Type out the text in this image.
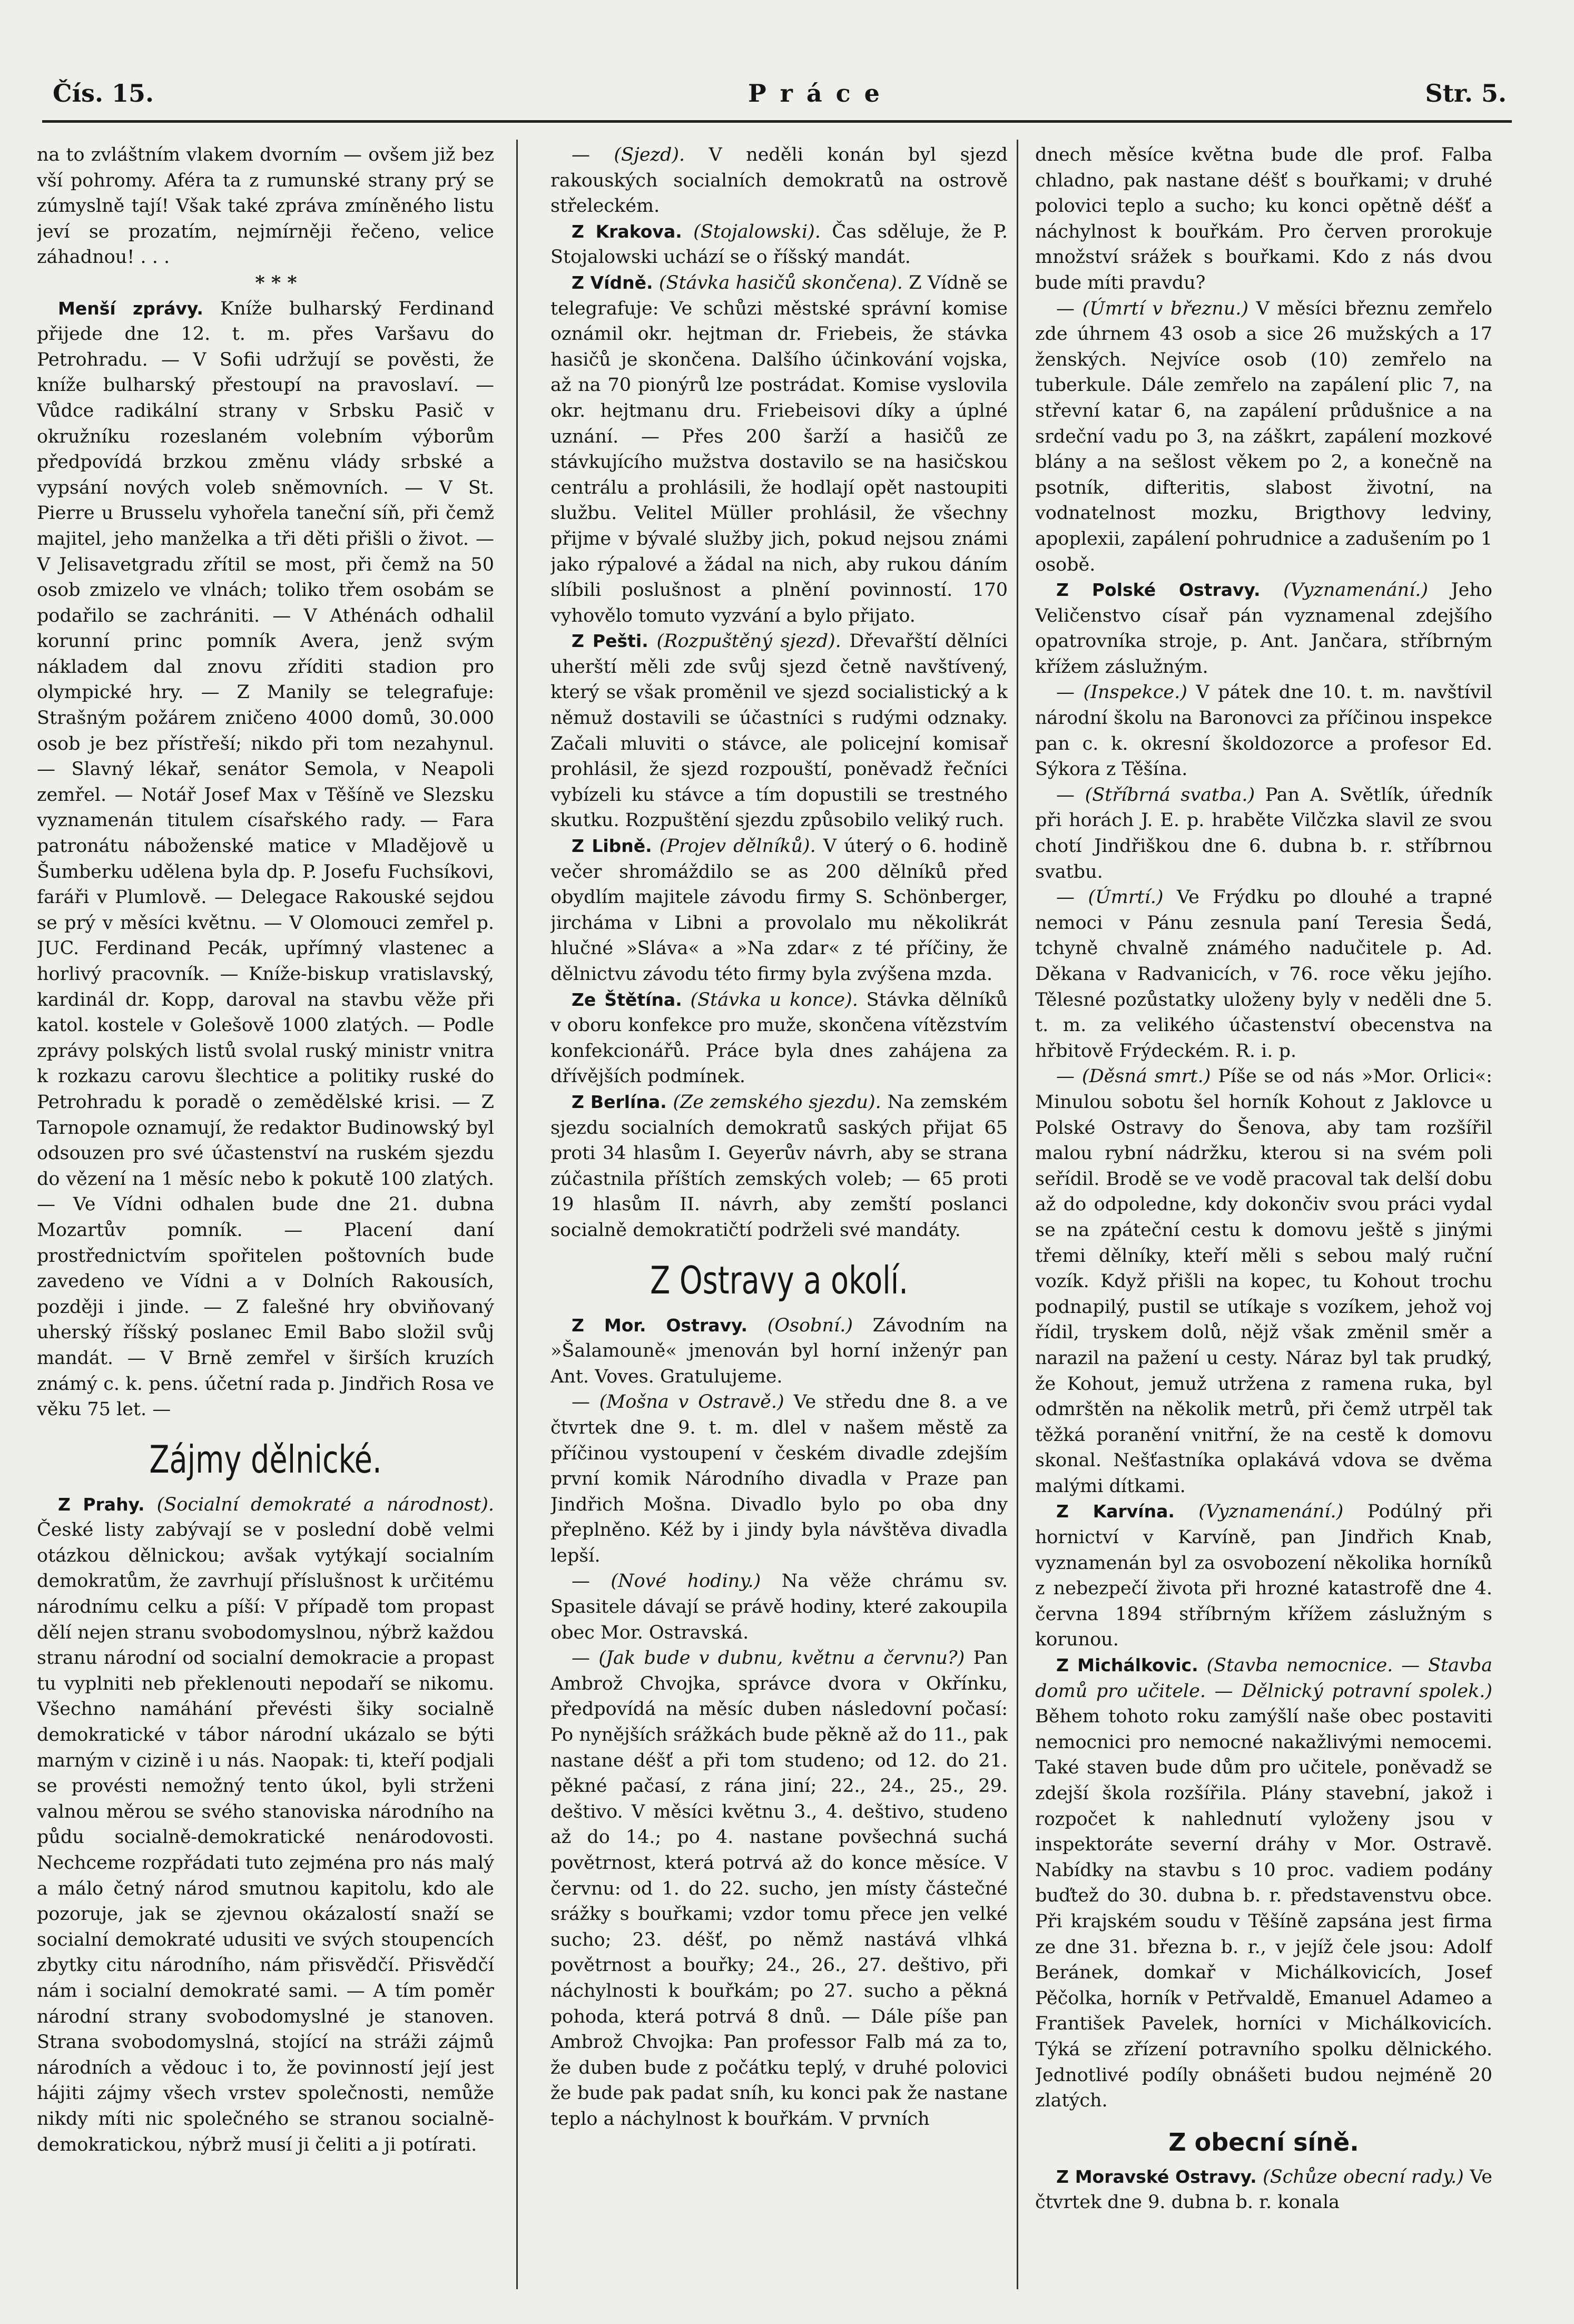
Čís. 15.	Práce	Str. 5.

na to zvláštním vlakem dvorním — ovšem již bez vší pohromy. Aféra ta z rumunské strany prý se zúmyslně tají! Však také zpráva zmíněného listu jeví se prozatím, nejmírněji řečeno, velice záhadnou! . . .

* * *

Menší zprávy. Kníže bulharský Ferdinand přijede dne 12. t. m. přes Varšavu do Petrohradu. — V Sofii udržují se pověsti, že kníže bulharský přestoupí na pravoslaví. — Vůdce radikální strany v Srbsku Pasič v okružníku rozeslaném volebním výborům předpovídá brzkou změnu vlády srbské a vypsání nových voleb sněmovních. — V St. Pierre u Brusselu vyhořela taneční síň, při čemž majitel, jeho manželka a tři děti přišli o život. — V Jelisavetgradu zřítil se most, při čemž na 50 osob zmizelo ve vlnách; toliko třem osobám se podařilo se zachrániti. — V Athénách odhalil korunní princ pomník Avera, jenž svým nákladem dal znovu zříditi stadion pro olympické hry. — Z Manily se telegrafuje: Strašným požárem zničeno 4000 domů, 30.000 osob je bez přístřeší; nikdo při tom nezahynul. — Slavný lékař, senátor Semola, v Neapoli zemřel. — Notář Josef Max v Těšíně ve Slezsku vyznamenán titulem císařského rady. — Fara patronátu náboženské matice v Mladějově u Šumberku udělena byla dp. P. Josefu Fuchsíkovi, faráři v Plumlově. — Delegace Rakouské sejdou se prý v měsíci květnu. — V Olomouci zemřel p. JUC. Ferdinand Pecák, upřímný vlastenec a horlivý pracovník. — Kníže-biskup vratislavský, kardinál dr. Kopp, daroval na stavbu věže při katol. kostele v Golešově 1000 zlatých. — Podle zprávy polských listů svolal ruský ministr vnitra k rozkazu carovu šlechtice a politiky ruské do Petrohradu k poradě o zemědělské krisi. — Z Tarnopole oznamují, že redaktor Budinowský byl odsouzen pro své účastenství na ruském sjezdu do vězení na 1 měsíc nebo k pokutě 100 zlatých. — Ve Vídni odhalen bude dne 21. dubna Mozartův pomník. — Placení daní prostřednictvím spořitelen poštovních bude zavedeno ve Vídni a v Dolních Rakousích, později i jinde. — Z falešné hry obviňovaný uherský říšský poslanec Emil Babo složil svůj mandát. — V Brně zemřel v širších kruzích známý c. k. pens. účetní rada p. Jindřich Rosa ve věku 75 let. —

Zájmy dělnické.

Z Prahy. (Socialní demokraté a národnost). České listy zabývají se v poslední době velmi otázkou dělnickou; avšak vytýkají socialním demokratům, že zavrhují příslušnost k určitému národnímu celku a píší: V případě tom propast dělí nejen stranu svobodomyslnou, nýbrž každou stranu národní od socialní demokracie a propast tu vyplniti neb překlenouti nepodaří se nikomu. Všechno namáhání převésti šiky socialně demokratické v tábor národní ukázalo se býti marným v cizině i u nás. Naopak: ti, kteří podjali se provésti nemožný tento úkol, byli strženi valnou měrou se svého stanoviska národního na půdu socialně-demokratické nenárodovosti. Nechceme rozpřádati tuto zejména pro nás malý a málo četný národ smutnou kapitolu, kdo ale pozoruje, jak se zjevnou okázalostí snaží se socialní demokraté udusiti ve svých stoupencích zbytky citu národního, nám přisvědčí. Přisvědčí nám i socialní demokraté sami. — A tím poměr národní strany svobodomyslné je stanoven. Strana svobodomyslná, stojící na stráži zájmů národních a vědouc i to, že povinností její jest hájiti zájmy všech vrstev společnosti, nemůže nikdy míti nic společného se stranou socialně-demokratickou, nýbrž musí ji čeliti a ji potírati.

— (Sjezd). V neděli konán byl sjezd rakouských socialních demokratů na ostrově střeleckém.

Z Krakova. (Stojalowski). Čas sděluje, že P. Stojalowski uchází se o říšský mandát.

Z Vídně. (Stávka hasičů skončena). Z Vídně se telegrafuje: Ve schůzi městské správní komise oznámil okr. hejtman dr. Friebeis, že stávka hasičů je skončena. Dalšího účinkování vojska, až na 70 pionýrů lze postrádat. Komise vyslovila okr. hejtmanu dru. Friebeisovi díky a úplné uznání. — Přes 200 šarží a hasičů ze stávkujícího mužstva dostavilo se na hasičskou centrálu a prohlásili, že hodlají opět nastoupiti službu. Velitel Müller prohlásil, že všechny přijme v bývalé služby jich, pokud nejsou známi jako rýpalové a žádal na nich, aby rukou dáním slíbili poslušnost a plnění povinností. 170 vyhovělo tomuto vyzvání a bylo přijato.

Z Pešti. (Rozpuštěný sjezd). Dřevařští dělníci uherští měli zde svůj sjezd četně navštívený, který se však proměnil ve sjezd socialistický a k němuž dostavili se účastníci s rudými odznaky. Začali mluviti o stávce, ale policejní komisař prohlásil, že sjezd rozpouští, poněvadž řečníci vybízeli ku stávce a tím dopustili se trestného skutku. Rozpuštění sjezdu způsobilo veliký ruch.

Z Libně. (Projev dělníků). V úterý o 6. hodině večer shromáždilo se as 200 dělníků před obydlím majitele závodu firmy S. Schönberger, jircháma v Libni a provolalo mu několikrát hlučné »Sláva« a »Na zdar« z té příčiny, že dělnictvu závodu této firmy byla zvýšena mzda.

Ze Štětína. (Stávka u konce). Stávka dělníků v oboru konfekce pro muže, skončena vítězstvím konfekcionářů. Práce byla dnes zahájena za dřívějších podmínek.

Z Berlína. (Ze zemského sjezdu). Na zemském sjezdu socialních demokratů saských přijat 65 proti 34 hlasům I. Geyerův návrh, aby se strana zúčastnila příštích zemských voleb; — 65 proti 19 hlasům II. návrh, aby zemští poslanci socialně demokratičtí podrželi své mandáty.

Z Ostravy a okolí.

Z Mor. Ostravy. (Osobní.) Závodním na »Šalamouně« jmenován byl horní inženýr pan Ant. Voves. Gratulujeme.

— (Mošna v Ostravě.) Ve středu dne 8. a ve čtvrtek dne 9. t. m. dlel v našem městě za příčinou vystoupení v českém divadle zdejším první komik Národního divadla v Praze pan Jindřich Mošna. Divadlo bylo po oba dny přeplněno. Kéž by i jindy byla návštěva divadla lepší.

— (Nové hodiny.) Na věže chrámu sv. Spasitele dávají se právě hodiny, které zakoupila obec Mor. Ostravská.

— (Jak bude v dubnu, květnu a červnu?) Pan Ambrož Chvojka, správce dvora v Okřínku, předpovídá na měsíc duben následovní počasí: Po nynějších srážkách bude pěkně až do 11., pak nastane déšť a při tom studeno; od 12. do 21. pěkné pačasí, z rána jiní; 22., 24., 25., 29. deštivo. V měsíci květnu 3., 4. deštivo, studeno až do 14.; po 4. nastane povšechná suchá povětrnost, která potrvá až do konce měsíce. V červnu: od 1. do 22. sucho, jen místy částečné srážky s bouřkami; vzdor tomu přece jen velké sucho; 23. déšť, po němž nastává vlhká povětrnost a bouřky; 24., 26., 27. deštivo, při náchylnosti k bouřkám; po 27. sucho a pěkná pohoda, která potrvá 8 dnů. — Dále píše pan Ambrož Chvojka: Pan professor Falb má za to, že duben bude z počátku teplý, v druhé polovici že bude pak padat sníh, ku konci pak že nastane teplo a náchylnost k bouřkám. V prvních

dnech měsíce května bude dle prof. Falba chladno, pak nastane déšť s bouřkami; v druhé polovici teplo a sucho; ku konci opětně déšť a náchylnost k bouřkám. Pro červen prorokuje množství srážek s bouřkami. Kdo z nás dvou bude míti pravdu?

— (Úmrtí v březnu.) V měsíci březnu zemřelo zde úhrnem 43 osob a sice 26 mužských a 17 ženských. Nejvíce osob (10) zemřelo na tuberkule. Dále zemřelo na zapálení plic 7, na střevní katar 6, na zapálení průdušnice a na srdeční vadu po 3, na záškrt, zapálení mozkové blány a na sešlost věkem po 2, a konečně na psotník, difteritis, slabost životní, na vodnatelnost mozku, Brigthovy ledviny, apoplexii, zapálení pohrudnice a zadušením po 1 osobě.

Z Polské Ostravy. (Vyznamenání.) Jeho Veličenstvo císař pán vyznamenal zdejšího opatrovníka stroje, p. Ant. Jančara, stříbrným křížem záslužným.

— (Inspekce.) V pátek dne 10. t. m. navštívil národní školu na Baronovci za příčinou inspekce pan c. k. okresní školdozorce a profesor Ed. Sýkora z Těšína.

— (Stříbrná svatba.) Pan A. Světlík, úředník při horách J. E. p. hraběte Vilčzka slavil ze svou chotí Jindřiškou dne 6. dubna b. r. stříbrnou svatbu.

— (Úmrtí.) Ve Frýdku po dlouhé a trapné nemoci v Pánu zesnula paní Teresia Šedá, tchyně chvalně známého nadučitele p. Ad. Děkana v Radvanicích, v 76. roce věku jejího. Tělesné pozůstatky uloženy byly v neděli dne 5. t. m. za velikého účastenství obecenstva na hřbitově Frýdeckém. R. i. p.

— (Děsná smrt.) Píše se od nás »Mor. Orlici«: Minulou sobotu šel horník Kohout z Jaklovce u Polské Ostravy do Šenova, aby tam rozšířil malou rybní nádržku, kterou si na svém poli seřídil. Brodě se ve vodě pracoval tak delší dobu až do odpoledne, kdy dokončiv svou práci vydal se na zpáteční cestu k domovu ještě s jinými třemi dělníky, kteří měli s sebou malý ruční vozík. Když přišli na kopec, tu Kohout trochu podnapilý, pustil se utíkaje s vozíkem, jehož voj řídil, tryskem dolů, nějž však změnil směr a narazil na pažení u cesty. Náraz byl tak prudký, že Kohout, jemuž utržena z ramena ruka, byl odmrštěn na několik metrů, při čemž utrpěl tak těžká poranění vnitřní, že na cestě k domovu skonal. Nešťastníka oplakává vdova se dvěma malými dítkami.

Z Karvína. (Vyznamenání.) Podúlný při hornictví v Karvíně, pan Jindřich Knab, vyznamenán byl za osvobození několika horníků z nebezpečí života při hrozné katastrofě dne 4. června 1894 stříbrným křížem záslužným s korunou.

Z Michálkovic. (Stavba nemocnice. — Stavba domů pro učitele. — Dělnický potravní spolek.) Během tohoto roku zamýšlí naše obec postaviti nemocnici pro nemocné nakažlivými nemocemi. Také staven bude dům pro učitele, poněvadž se zdejší škola rozšířila. Plány stavební, jakož i rozpočet k nahlednutí vyloženy jsou v inspektoráte severní dráhy v Mor. Ostravě. Nabídky na stavbu s 10 proc. vadiem podány buďtež do 30. dubna b. r. představenstvu obce. Při krajském soudu v Těšíně zapsána jest firma ze dne 31. března b. r., v jejíž čele jsou: Adolf Beránek, domkař v Michálkovicích, Josef Pěčolka, horník v Petřvaldě, Emanuel Adameo a František Pavelek, horníci v Michálkovicích. Týká se zřízení potravního spolku dělnického. Jednotlivé podíly obnášeti budou nejméně 20 zlatých.

Z obecní síně.

Z Moravské Ostravy. (Schůze obecní rady.) Ve čtvrtek dne 9. dubna b. r. konala
